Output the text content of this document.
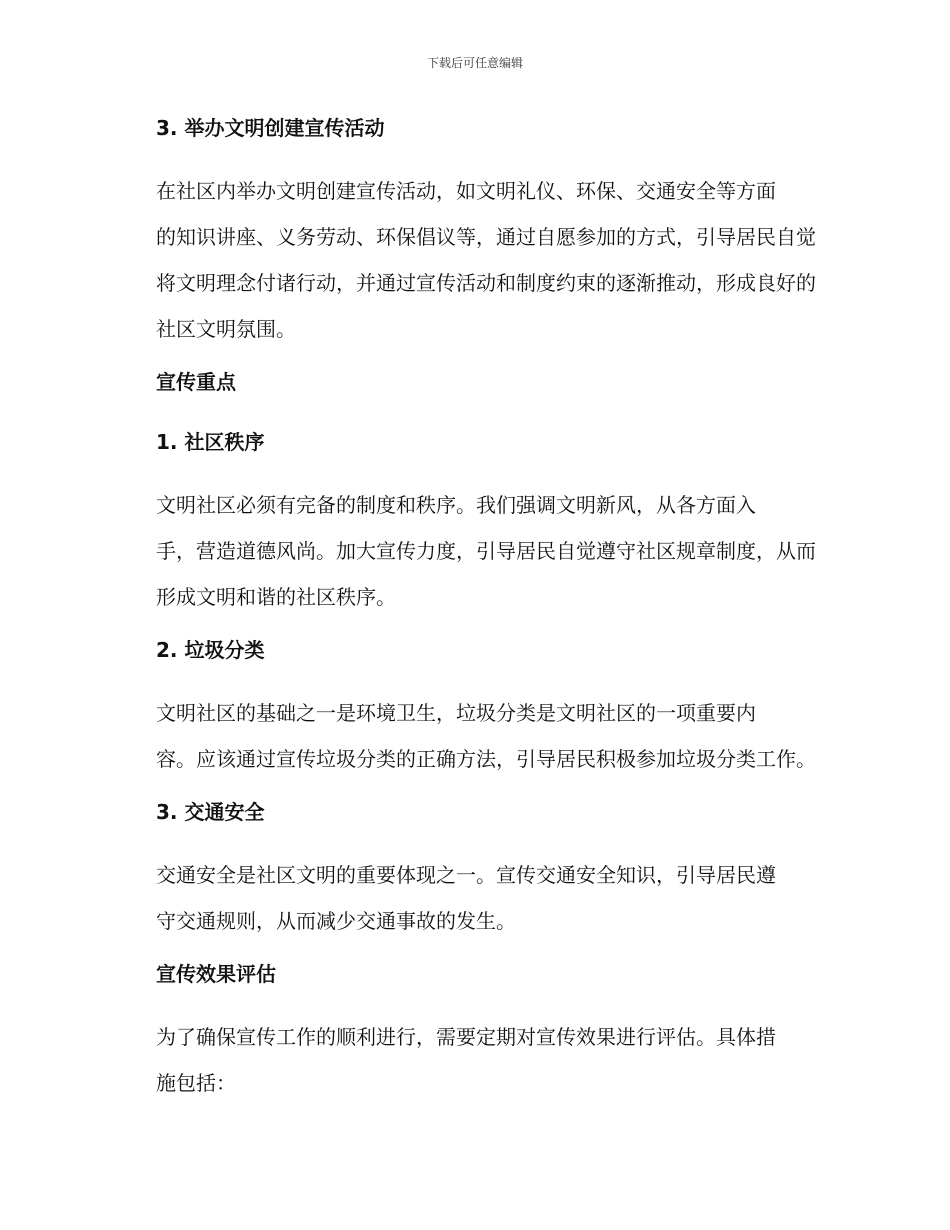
下载后可任意编辑
3. 举办文明创建宣传活动
在社区内举办文明创建宣传活动，如文明礼仪、环保、交通安全等方面
的知识讲座、义务劳动、环保倡议等，通过自愿参加的方式，引导居民自觉
将文明理念付诸行动，并通过宣传活动和制度约束的逐渐推动，形成良好的
社区文明氛围。
宣传重点
1. 社区秩序
文明社区必须有完备的制度和秩序。我们强调文明新风，从各方面入
手，营造道德风尚。加大宣传力度，引导居民自觉遵守社区规章制度，从而
形成文明和谐的社区秩序。
2. 垃圾分类
文明社区的基础之一是环境卫生，垃圾分类是文明社区的一项重要内
容。应该通过宣传垃圾分类的正确方法，引导居民积极参加垃圾分类工作。
3. 交通安全
交通安全是社区文明的重要体现之一。宣传交通安全知识，引导居民遵
守交通规则，从而减少交通事故的发生。
宣传效果评估
为了确保宣传工作的顺利进行，需要定期对宣传效果进行评估。具体措
施包括：
